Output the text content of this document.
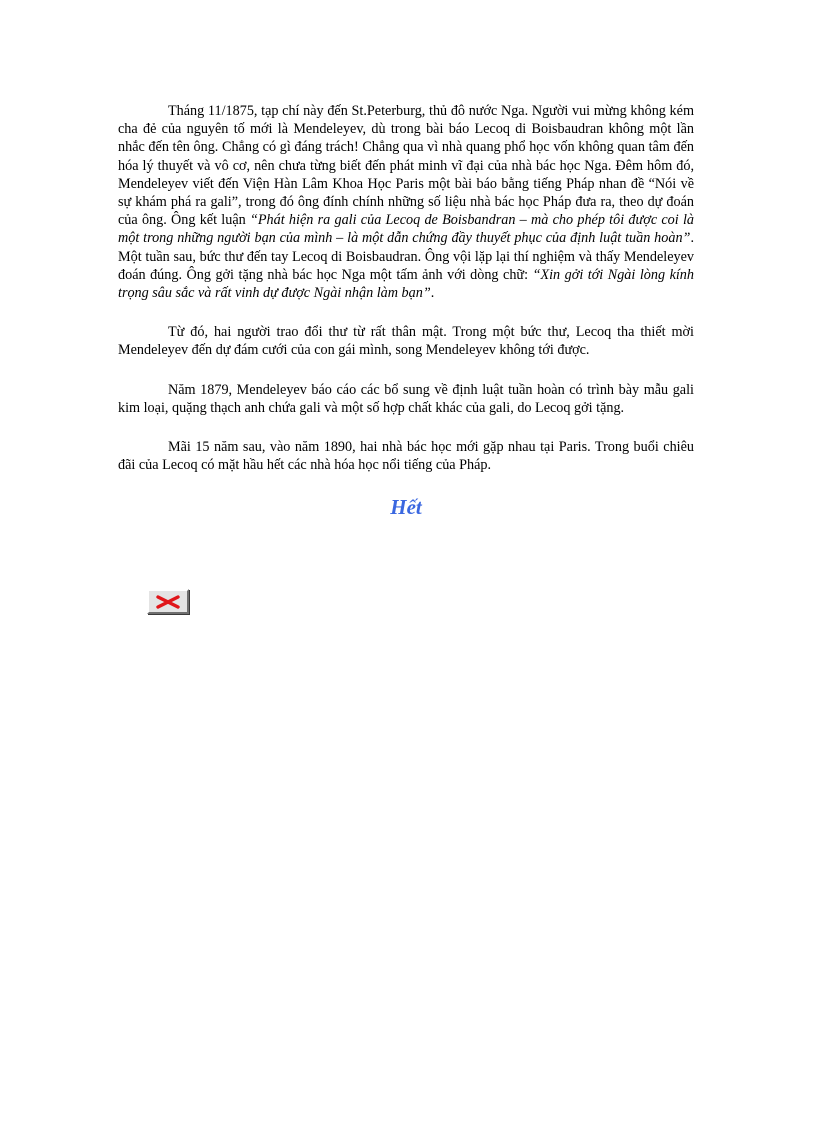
Tháng 11/1875, tạp chí này đến St.Peterburg, thủ đô nước Nga. Người vui mừng không kém cha đẻ của nguyên tố mới là Mendeleyev, dù trong bài báo Lecoq di Boisbaudran không một lần nhắc đến tên ông. Chẳng có gì đáng trách! Chẳng qua vì nhà quang phổ học vốn không quan tâm đến hóa lý thuyết và vô cơ, nên chưa từng biết đến phát minh vĩ đại của nhà bác học Nga. Đêm hôm đó, Mendeleyev viết đến Viện Hàn Lâm Khoa Học Paris một bài báo bằng tiếng Pháp nhan đề “Nói về sự khám phá ra gali”, trong đó ông đính chính những số liệu nhà bác học Pháp đưa ra, theo dự đoán của ông. Ông kết luận “Phát hiện ra gali của Lecoq de Boisbandran – mà cho phép tôi được coi là một trong những người bạn của mình – là một dẫn chứng đầy thuyết phục của định luật tuần hoàn”. Một tuần sau, bức thư đến tay Lecoq di Boisbaudran. Ông vội lặp lại thí nghiệm và thấy Mendeleyev đoán đúng. Ông gởi tặng nhà bác học Nga một tấm ảnh với dòng chữ: “Xin gởi tới Ngài lòng kính trọng sâu sắc và rất vinh dự được Ngài nhận làm bạn”.

Từ đó, hai người trao đổi thư từ rất thân mật. Trong một bức thư, Lecoq tha thiết mời Mendeleyev đến dự đám cưới của con gái mình, song Mendeleyev không tới được.

Năm 1879, Mendeleyev báo cáo các bổ sung về định luật tuần hoàn có trình bày mẫu gali kim loại, quặng thạch anh chứa gali và một số hợp chất khác của gali, do Lecoq gởi tặng.

Mãi 15 năm sau, vào năm 1890, hai nhà bác học mới gặp nhau tại Paris. Trong buổi chiêu đãi của Lecoq có mặt hầu hết các nhà hóa học nổi tiếng của Pháp.

Hết
